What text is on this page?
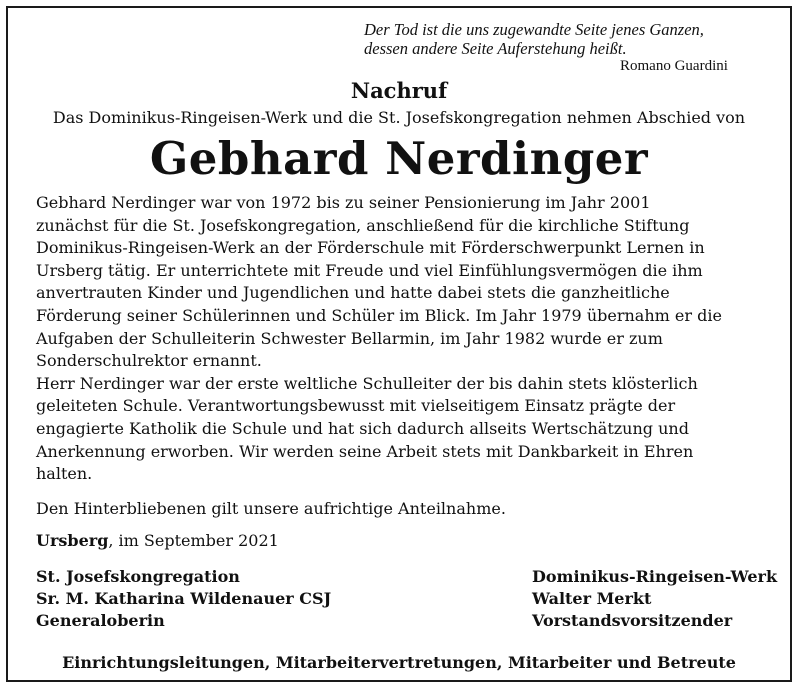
Der Tod ist die uns zugewandte Seite jenes Ganzen,
dessen andere Seite Auferstehung heißt.
Romano Guardini
Nachruf
Das Dominikus-Ringeisen-Werk und die St. Josefskongregation nehmen Abschied von
Gebhard Nerdinger
Gebhard Nerdinger war von 1972 bis zu seiner Pensionierung im Jahr 2001
zunächst für die St. Josefskongregation, anschließend für die kirchliche Stiftung
Dominikus-Ringeisen-Werk an der Förderschule mit Förderschwerpunkt Lernen in
Ursberg tätig. Er unterrichtete mit Freude und viel Einfühlungsvermögen die ihm
anvertrauten Kinder und Jugendlichen und hatte dabei stets die ganzheitliche
Förderung seiner Schülerinnen und Schüler im Blick. Im Jahr 1979 übernahm er die
Aufgaben der Schulleiterin Schwester Bellarmin, im Jahr 1982 wurde er zum
Sonderschulrektor ernannt.
Herr Nerdinger war der erste weltliche Schulleiter der bis dahin stets klösterlich
geleiteten Schule. Verantwortungsbewusst mit vielseitigem Einsatz prägte der
engagierte Katholik die Schule und hat sich dadurch allseits Wertschätzung und
Anerkennung erworben. Wir werden seine Arbeit stets mit Dankbarkeit in Ehren
halten.
Den Hinterbliebenen gilt unsere aufrichtige Anteilnahme.
Ursberg, im September 2021
St. Josefskongregation
Sr. M. Katharina Wildenauer CSJ
Generaloberin
Dominikus-Ringeisen-Werk
Walter Merkt
Vorstandsvorsitzender
Einrichtungsleitungen, Mitarbeitervertretungen, Mitarbeiter und Betreute
